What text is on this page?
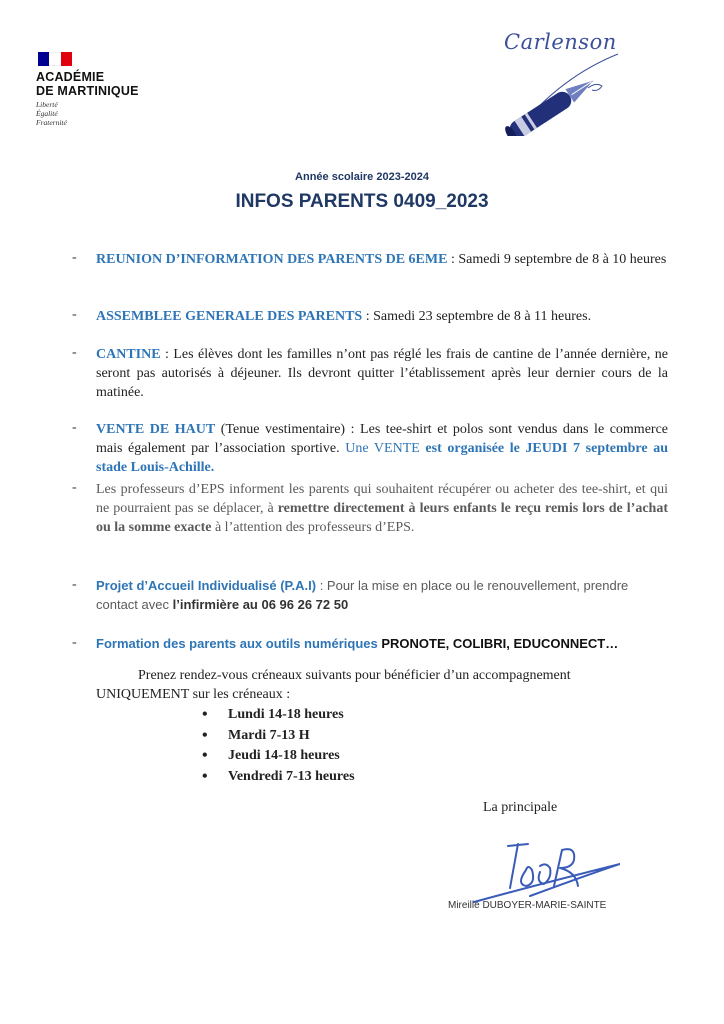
ACADÉMIE
DE MARTINIQUE
Liberté
Égalité
Fraternité
Carlenson
Année scolaire 2023-2024
INFOS PARENTS 0409_2023
- REUNION D’INFORMATION DES PARENTS DE 6EME : Samedi 9 septembre de 8 à 10 heures
- ASSEMBLEE GENERALE DES PARENTS : Samedi 23 septembre de 8 à 11 heures.
- CANTINE : Les élèves dont les familles n’ont pas réglé les frais de cantine de l’année dernière, ne seront pas autorisés à déjeuner. Ils devront quitter l’établissement après leur dernier cours de la matinée.
- VENTE DE HAUT (Tenue vestimentaire) : Les tee-shirt et polos sont vendus dans le commerce mais également par l’association sportive. Une VENTE est organisée le JEUDI 7 septembre au stade Louis-Achille.
- Les professeurs d’EPS informent les parents qui souhaitent récupérer ou acheter des tee-shirt, et qui ne pourraient pas se déplacer, à remettre directement à leurs enfants le reçu remis lors de l’achat ou la somme exacte à l’attention des professeurs d’EPS.
- Projet d’Accueil Individualisé (P.A.I) : Pour la mise en place ou le renouvellement, prendre contact avec l’infirmière au 06 96 26 72 50
- Formation des parents aux outils numériques PRONOTE, COLIBRI, EDUCONNECT…
Prenez rendez-vous créneaux suivants pour bénéficier d’un accompagnement UNIQUEMENT sur les créneaux :
• Lundi 14-18 heures
• Mardi 7-13 H
• Jeudi 14-18 heures
• Vendredi 7-13 heures
La principale
Mireille DUBOYER-MARIE-SAINTE
